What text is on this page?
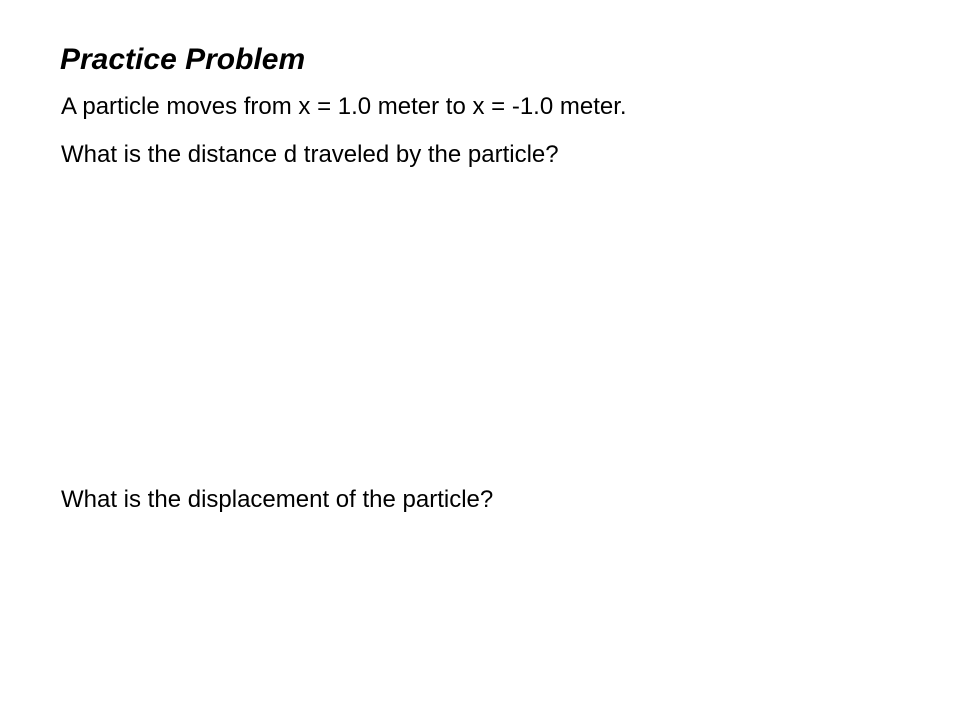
Practice Problem
A particle moves from x = 1.0 meter to x = -1.0 meter.
What is the distance d traveled by the particle?
What is the displacement of the particle?
